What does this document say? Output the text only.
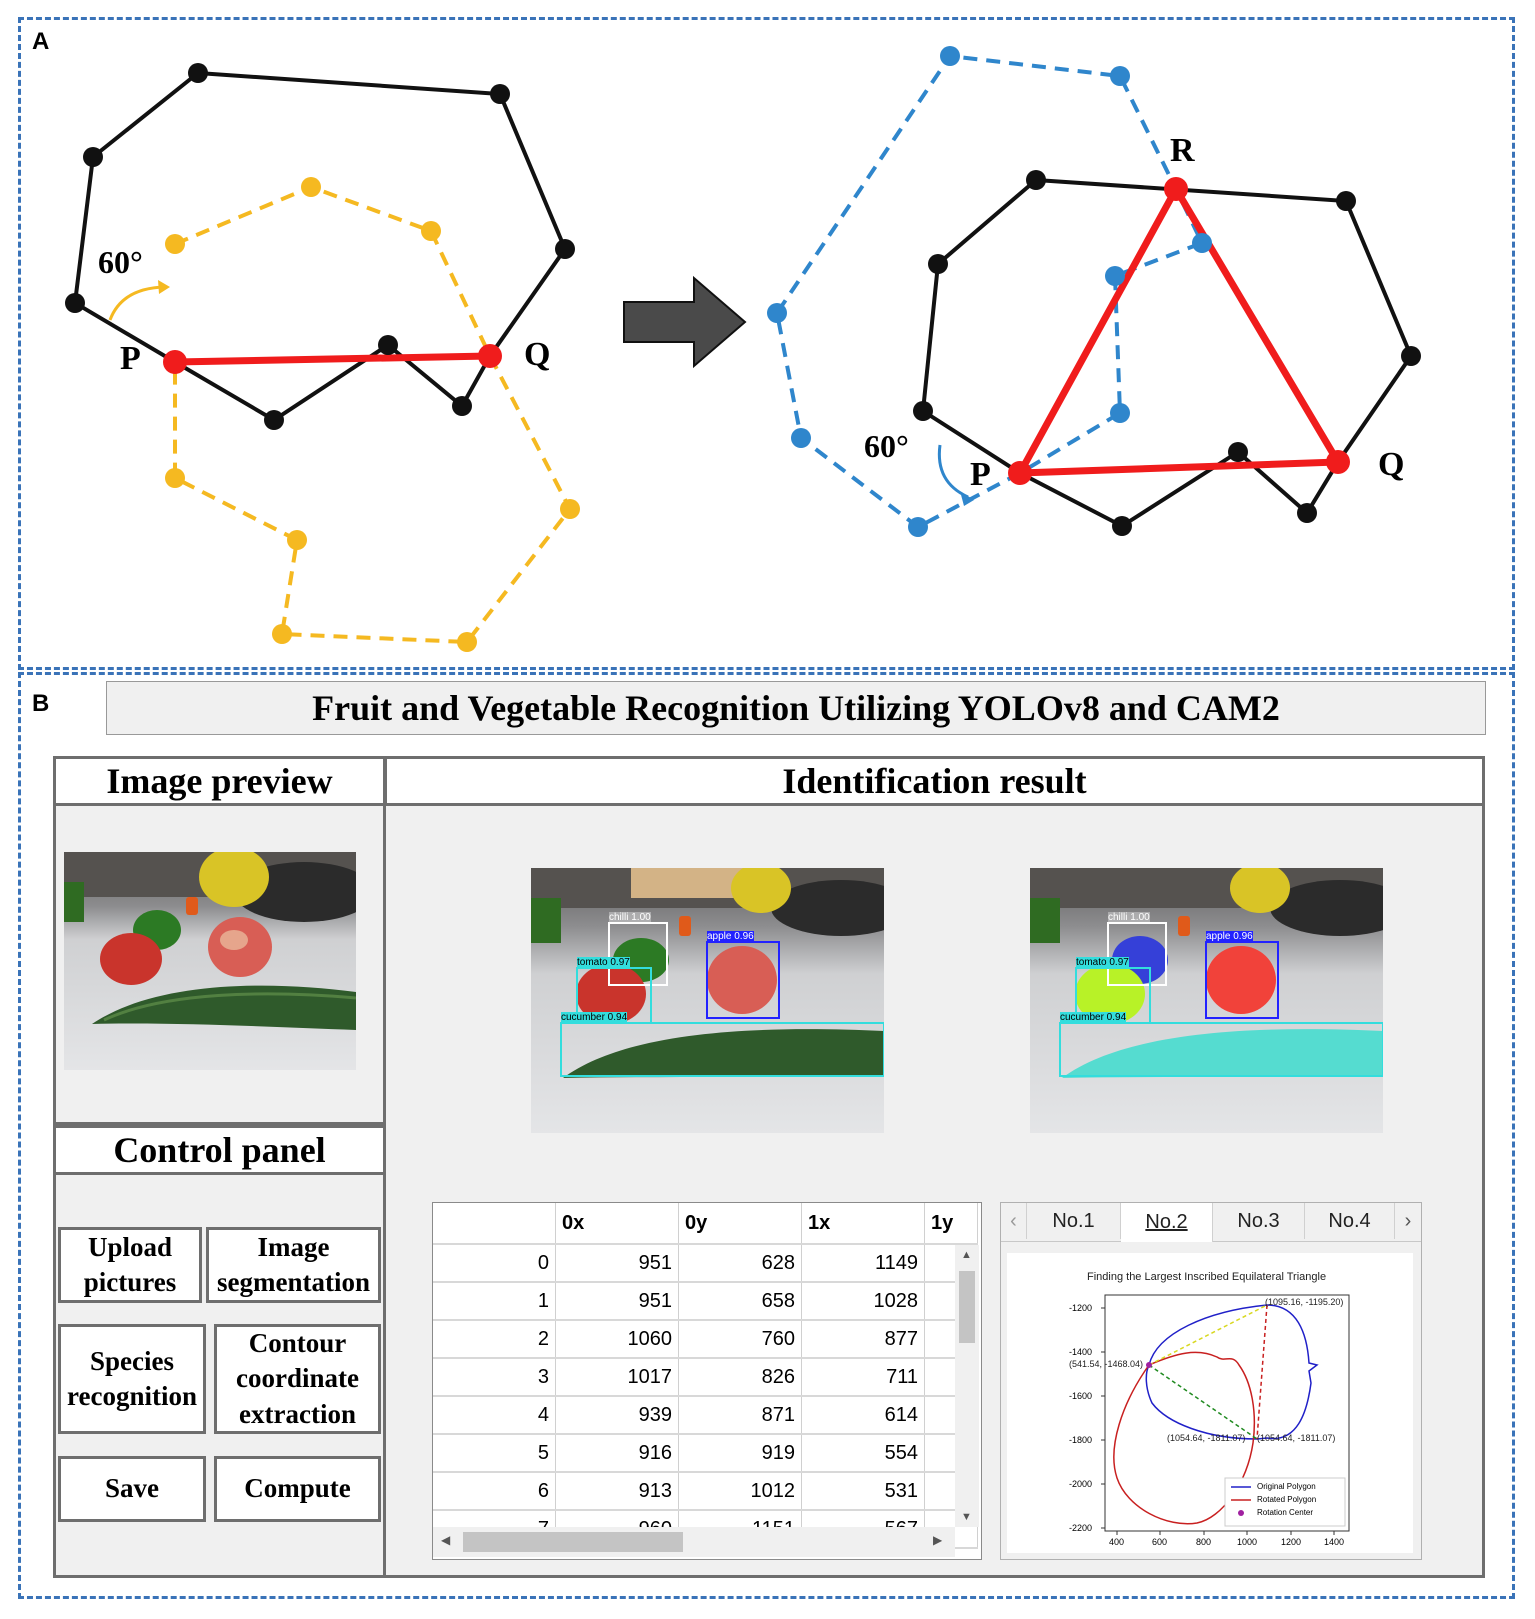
A
60°
P	Q
60°
P	Q
R
B	Fruit and Vegetable Recognition Utilizing YOLOv8 and CAM2
Image preview
Control panel
Upload pictures
Image segmentation
Species recognition
Contour coordinate extraction
Save	Compute
Identification result
chilli 1.00
apple 0.96
tomato 0.97
cucumber 0.94
chilli 1.00
apple 0.96
tomato 0.97
cucumber 0.94
	0x	0y	1x	1y
0	951	628	1149	
1	951	658	1028	
2	1060	760	877	
3	1017	826	711	
4	939	871	614	
5	916	919	554	
6	913	1012	531	

▲
▼
◀	▶
‹	No.1	No.2	No.3	No.4	›
Finding the Largest Inscribed Equilateral Triangle
(1095.16, -1195.20)
(541.54, -1468.04)
(1054.64, -1811.07) (1054.64, -1811.07)
-1200
-1400
-1600
-1800
-2000
-2200
400	600	800	1000	1200	1400
Original Polygon
Rotated Polygon
Rotation Center
